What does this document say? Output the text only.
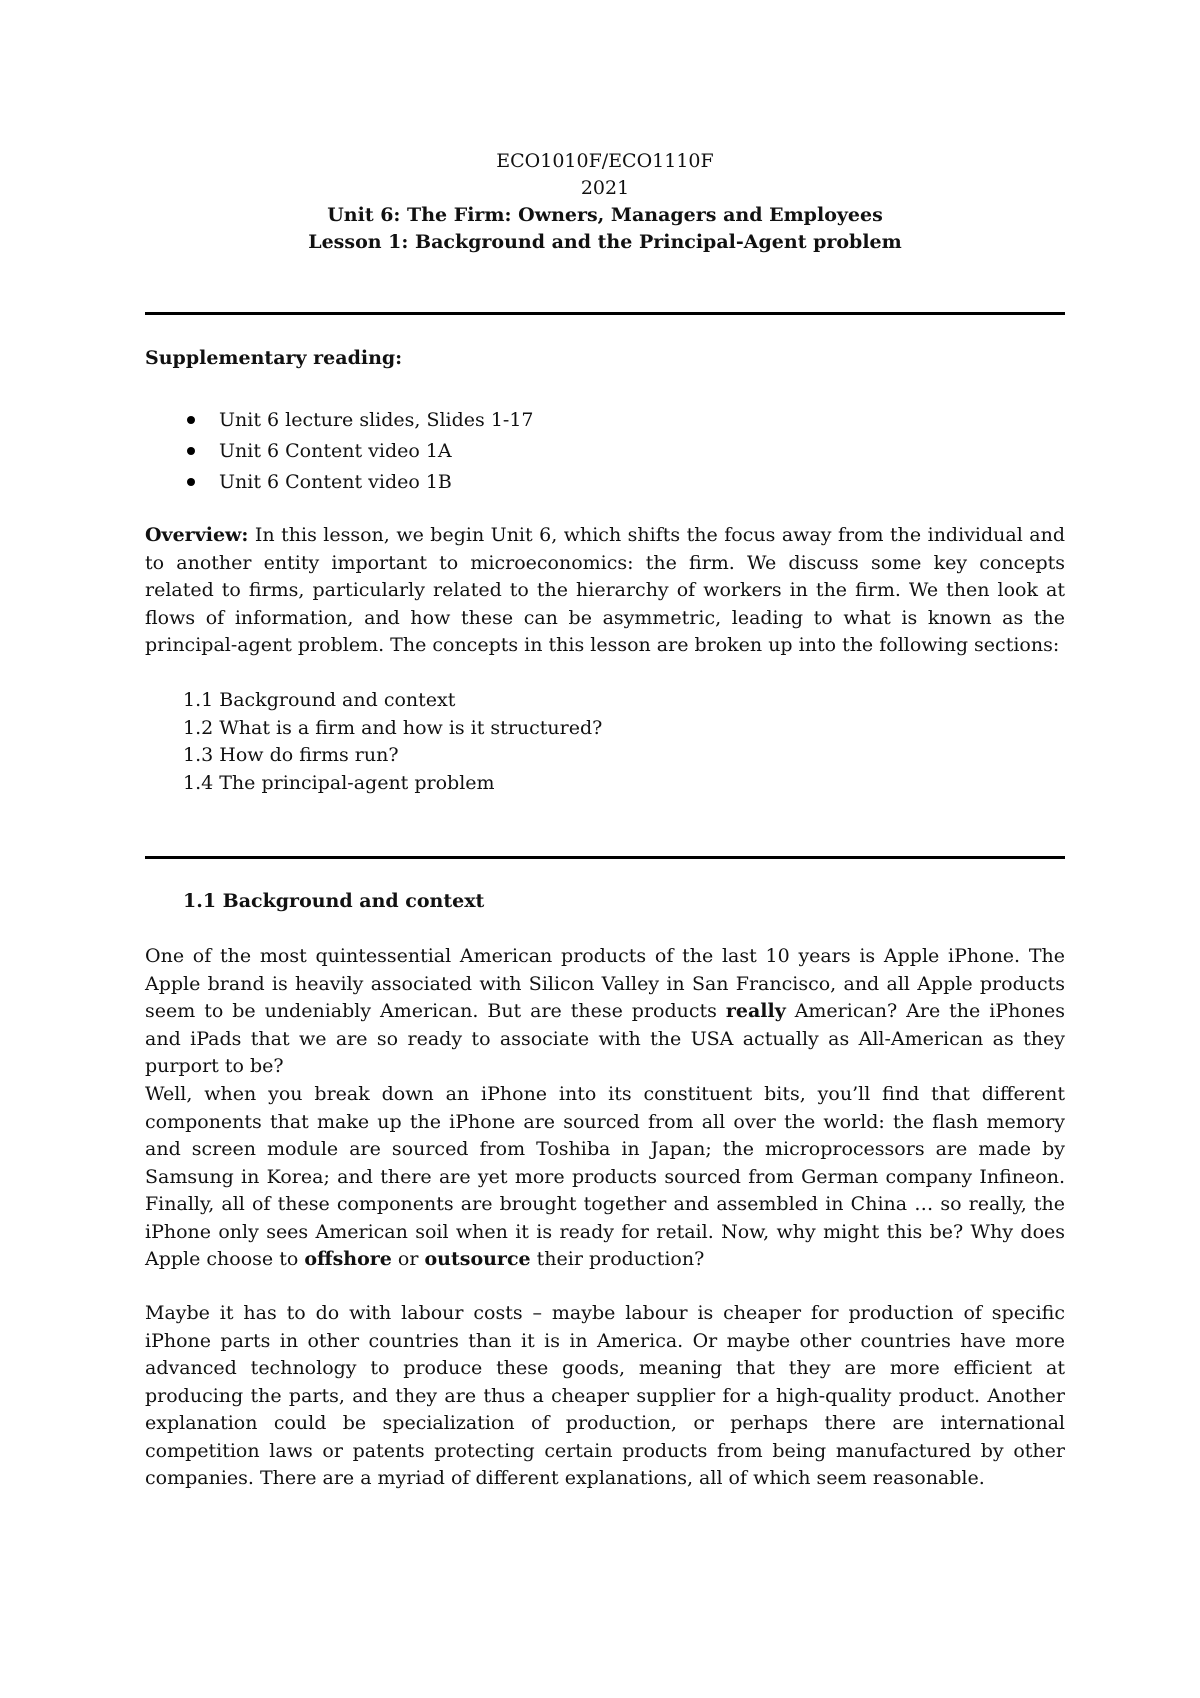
ECO1010F/ECO1110F
2021
Unit 6: The Firm: Owners, Managers and Employees
Lesson 1: Background and the Principal-Agent problem
Supplementary reading:
Unit 6 lecture slides, Slides 1-17
Unit 6 Content video 1A
Unit 6 Content video 1B
Overview: In this lesson, we begin Unit 6, which shifts the focus away from the individual and to another entity important to microeconomics: the firm. We discuss some key concepts related to firms, particularly related to the hierarchy of workers in the firm. We then look at flows of information, and how these can be asymmetric, leading to what is known as the principal-agent problem. The concepts in this lesson are broken up into the following sections:
1.1 Background and context
1.2 What is a firm and how is it structured?
1.3 How do firms run?
1.4 The principal-agent problem
1.1 Background and context
One of the most quintessential American products of the last 10 years is Apple iPhone. The Apple brand is heavily associated with Silicon Valley in San Francisco, and all Apple products seem to be undeniably American. But are these products really American? Are the iPhones and iPads that we are so ready to associate with the USA actually as All-American as they purport to be?
Well, when you break down an iPhone into its constituent bits, you’ll find that different components that make up the iPhone are sourced from all over the world: the flash memory and screen module are sourced from Toshiba in Japan; the microprocessors are made by Samsung in Korea; and there are yet more products sourced from German company Infineon. Finally, all of these components are brought together and assembled in China … so really, the iPhone only sees American soil when it is ready for retail. Now, why might this be? Why does Apple choose to offshore or outsource their production?
Maybe it has to do with labour costs – maybe labour is cheaper for production of specific iPhone parts in other countries than it is in America. Or maybe other countries have more advanced technology to produce these goods, meaning that they are more efficient at producing the parts, and they are thus a cheaper supplier for a high-quality product. Another explanation could be specialization of production, or perhaps there are international competition laws or patents protecting certain products from being manufactured by other companies. There are a myriad of different explanations, all of which seem reasonable.
